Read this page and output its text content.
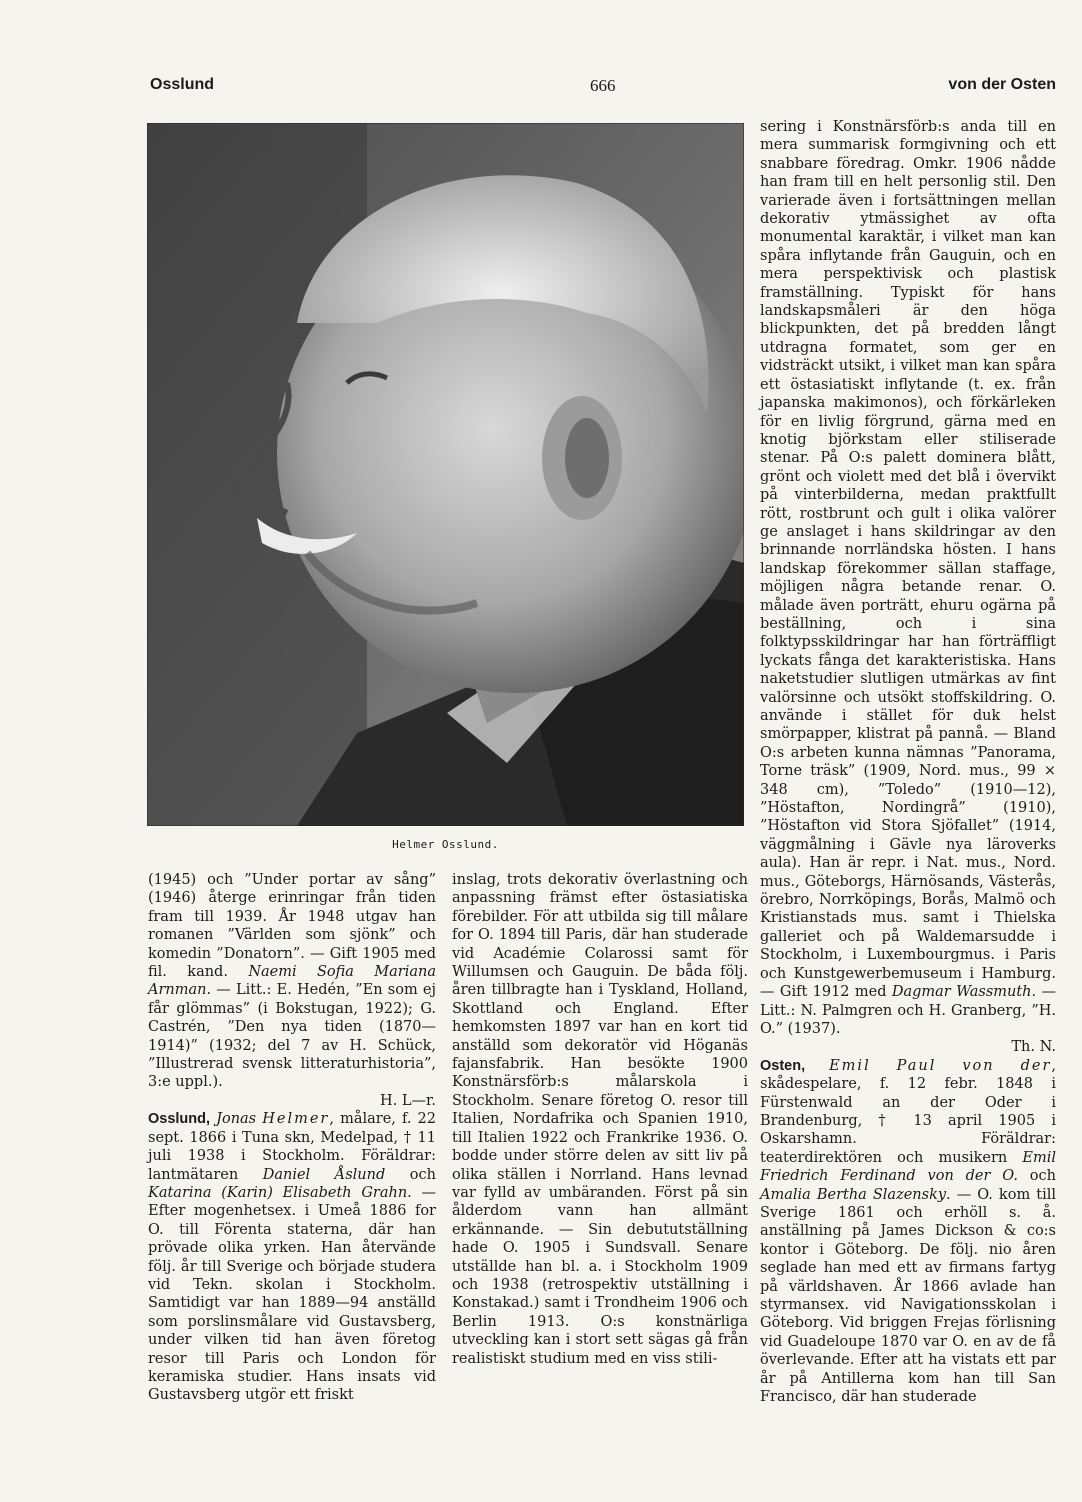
Osslund	666	von der Osten
Helmer Osslund.

(1945) och ”Under portar av sång” (1946) återge erinringar från tiden fram till 1939. År 1948 utgav han romanen ”Världen som sjönk” och komedin ”Donatorn”. — Gift 1905 med fil. kand. Naemi Sofia Mariana Arnman. — Litt.: E. Hedén, ”En som ej får glömmas” (i Bokstugan, 1922); G. Castrén, ”Den nya tiden (1870—1914)” (1932; del 7 av H. Schück, ”Illustrerad svensk litteraturhistoria”, 3:e uppl.).
H. L—r.

Osslund, Jonas Helmer, målare, f. 22 sept. 1866 i Tuna skn, Medelpad, † 11 juli 1938 i Stockholm. Föräldrar: lantmätaren Daniel Åslund och Katarina (Karin) Elisabeth Grahn. — Efter mogenhetsex. i Umeå 1886 for O. till Förenta staterna, där han prövade olika yrken. Han återvände följ. år till Sverige och började studera vid Tekn. skolan i Stockholm. Samtidigt var han 1889—94 anställd som porslinsmålare vid Gustavsberg, under vilken tid han även företog resor till Paris och London för keramiska studier. Hans insats vid Gustavsberg utgör ett friskt

inslag, trots dekorativ överlastning och anpassning främst efter östasiatiska förebilder. För att utbilda sig till målare for O. 1894 till Paris, där han studerade vid Académie Colarossi samt för Willumsen och Gauguin. De båda följ. åren tillbragte han i Tyskland, Holland, Skottland och England. Efter hemkomsten 1897 var han en kort tid anställd som dekoratör vid Höganäs fajansfabrik. Han besökte 1900 Konstnärsförb:s målarskola i Stockholm. Senare företog O. resor till Italien, Nordafrika och Spanien 1910, till Italien 1922 och Frankrike 1936. O. bodde under större delen av sitt liv på olika ställen i Norrland. Hans levnad var fylld av umbäranden. Först på sin ålderdom vann han allmänt erkännande. — Sin debututställning hade O. 1905 i Sundsvall. Senare utställde han bl. a. i Stockholm 1909 och 1938 (retrospektiv utställning i Konstakad.) samt i Trondheim 1906 och Berlin 1913. O:s konstnärliga utveckling kan i stort sett sägas gå från realistiskt studium med en viss stili-

sering i Konstnärsförb:s anda till en mera summarisk formgivning och ett snabbare föredrag. Omkr. 1906 nådde han fram till en helt personlig stil. Den varierade även i fortsättningen mellan dekorativ ytmässighet av ofta monumental karaktär, i vilket man kan spåra inflytande från Gauguin, och en mera perspektivisk och plastisk framställning. Typiskt för hans landskapsmåleri är den höga blickpunkten, det på bredden långt utdragna formatet, som ger en vidsträckt utsikt, i vilket man kan spåra ett östasiatiskt inflytande (t. ex. från japanska makimonos), och förkärleken för en livlig förgrund, gärna med en knotig björkstam eller stiliserade stenar. På O:s palett dominera blått, grönt och violett med det blå i övervikt på vinterbilderna, medan praktfullt rött, rostbrunt och gult i olika valörer ge anslaget i hans skildringar av den brinnande norrländska hösten. I hans landskap förekommer sällan staffage, möjligen några betande renar. O. målade även porträtt, ehuru ogärna på beställning, och i sina folktypsskildringar har han förträffligt lyckats fånga det karakteristiska. Hans naketstudier slutligen utmärkas av fint valörsinne och utsökt stoffskildring. O. använde i stället för duk helst smörpapper, klistrat på pannå. — Bland O:s arbeten kunna nämnas ”Panorama, Torne träsk” (1909, Nord. mus., 99 × 348 cm), ”Toledo” (1910—12), ”Höstafton, Nordingrå” (1910), ”Höstafton vid Stora Sjöfallet” (1914, väggmålning i Gävle nya läroverks aula). Han är repr. i Nat. mus., Nord. mus., Göteborgs, Härnösands, Västerås, örebro, Norrköpings, Borås, Malmö och Kristianstads mus. samt i Thielska galleriet och på Waldemarsudde i Stockholm, i Luxembourgmus. i Paris och Kunstgewerbemuseum i Hamburg. — Gift 1912 med Dagmar Wassmuth. — Litt.: N. Palmgren och H. Granberg, ”H. O.” (1937).
Th. N.

Osten, Emil Paul von der, skådespelare, f. 12 febr. 1848 i Fürstenwald an der Oder i Brandenburg, † 13 april 1905 i Oskarshamn. Föräldrar: teaterdirektören och musikern Emil Friedrich Ferdinand von der O. och Amalia Bertha Slazensky. — O. kom till Sverige 1861 och erhöll s. å. anställning på James Dickson & co:s kontor i Göteborg. De följ. nio åren seglade han med ett av firmans fartyg på världshaven. År 1866 avlade han styrmansex. vid Navigationsskolan i Göteborg. Vid briggen Frejas förlisning vid Guadeloupe 1870 var O. en av de få överlevande. Efter att ha vistats ett par år på Antillerna kom han till San Francisco, där han studerade
